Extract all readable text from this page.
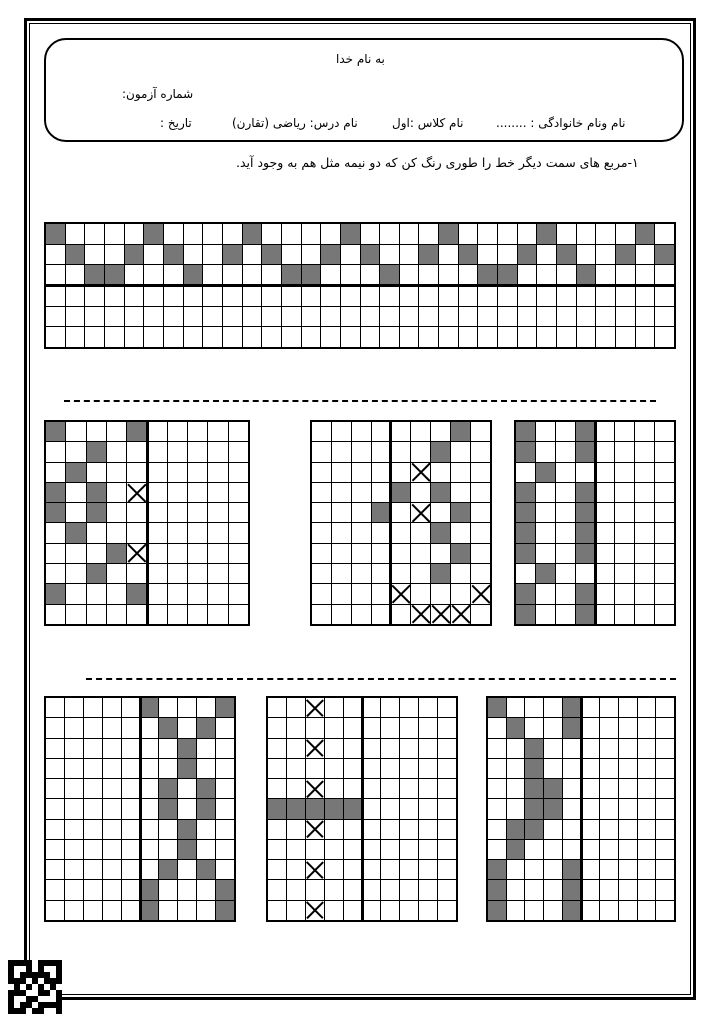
به نام خدا
شماره آزمون:
نام ونام خانوادگی : ........
نام کلاس :اول
نام درس: ریاضی (تقارن)
تاریخ :
۱-مربع های سمت دیگر خط را طوری رنگ کن که دو نیمه مثل هم به وجود آید.
